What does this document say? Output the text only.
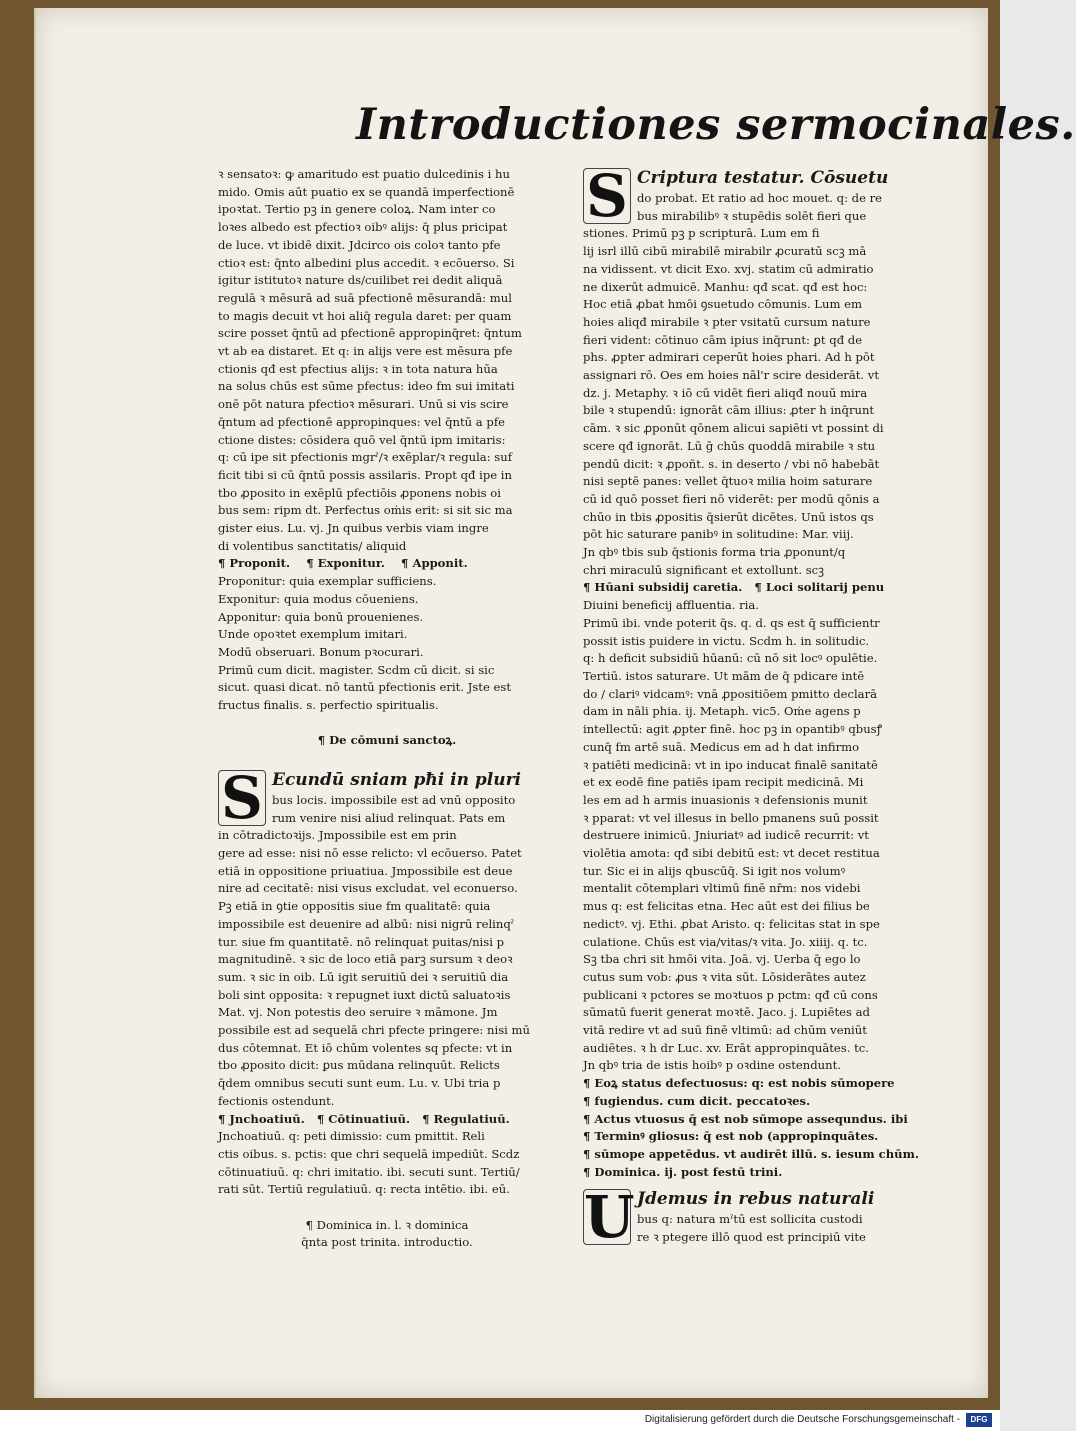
Introductiones sermocinales.
ꝛ sensatoꝛ: ꝙ amaritudo est puatio dulcedinis i hu
mido. Omis aūt puatio ex se quandā imperfectionē
ipoꝛtat. Tertio pꝫ in genere coloꝝ. Nam inter co
loꝛes albedo est pfectioꝛ oibꝰ alijs: q̄ plus pricipat
de luce. vt ibidē dixit. Jdcirco ois coloꝛ tanto pfe
ctioꝛ est: q̄nto albedini plus accedit. ꝛ ecōuerso. Si
igitur istitutoꝛ nature ds/cuilibet rei dedit aliquā
regulā ꝛ mēsurā ad suā pfectionē mēsurandā: mul
to magis decuit vt hoi aliq̄ regula daret: per quam
scire posset q̄ntū ad pfectionē appropinq̄ret: q̄ntum
vt ab ea distaret. Et q: in alijs vere est mēsura pfe
ctionis qđ est pfectius alijs: ꝛ in tota natura hūa
na solus chūs est sūme pfectus: ideo fm sui imitati
onē pōt natura pfectioꝛ mēsurari. Unū si vis scire
q̄ntum ad pfectionē appropinques: vel q̄ntū a pfe
ctione distes: cōsidera quō vel q̄ntū ipm imitaris:
q: cū ipe sit pfectionis mgrˀ/ꝛ exēplar/ꝛ regula: suf
ficit tibi si cū q̄ntū possis assilaris. Propt qđ ipe in
tbo ꝓposito in exēplū pfectiōis ꝓponens nobis oi
bus sem: ripm dt. Perfectus oṁis erit: si sit sic ma
gister eius. Lu. vj. Jn quibus verbis viam ingre
di volentibus sanctitatis/ aliquid
¶ Proponit.    ¶ Exponitur.    ¶ Apponit.
Proponitur: quia exemplar sufficiens.
Exponitur: quia modus cōueniens.
Apponitur: quia bonū prouenienes.
Unde opoꝛtet exemplum imitari.
Modū obseruari. Bonum pꝛocurari.
Primū cum dicit. magister. Scdm cū dicit. si sic
sicut. quasi dicat. nō tantū pfectionis erit. Jste est
fructus finalis. s. perfectio spiritualis.
¶ De cōmuni sanctoꝝ.
S Ecundū sniam pħi in pluri
bus locis. impossibile est ad vnū opposito
rum venire nisi aliud relinquat. Pats em
in cōtradictoꝛijs. Jmpossibile est em prin
gere ad esse: nisi nō esse relicto: vl ecōuerso. Patet
etiā in oppositione priuatiua. Jmpossibile est deue
nire ad cecitatē: nisi visus excludat. vel econuerso.
Pꝫ etiā in ꝯtie oppositis siue fm qualitatē: quia
impossibile est deuenire ad albū: nisi nigrū relinqˀ
tur. siue fm quantitatē. nō relinquat puitas/nisi p
magnitudinē. ꝛ sic de loco etiā parꝫ sursum ꝛ deoꝛ
sum. ꝛ sic in oib. Lū igit seruitiū dei ꝛ seruitiū dia
boli sint opposita: ꝛ repugnet iuxt dictū saluatoꝛis
Mat. vj. Non potestis deo seruire ꝛ māmone. Jm
possibile est ad sequelā chri pfecte pringere: nisi mū
dus cōtemnat. Et iō chūm volentes sq pfecte: vt in
tbo ꝓposito dicit: ꝑus mūdana relinquūt. Relicts
q̄dem omnibus secuti sunt eum. Lu. v. Ubi tria p
fectionis ostendunt.
¶ Jnchoatiuū.   ¶ Cōtinuatiuū.   ¶ Regulatiuū.
Jnchoatiuū. q: peti dimissio: cum pmittit. Reli
ctis oibus. s. pctis: que chri sequelā impediūt. Scdz
cōtinuatiuū. q: chri imitatio. ibi. secuti sunt. Tertiū/
rati sūt. Tertiū regulatiuū. q: recta intētio. ibi. eū.
¶ Dominica in. l. ꝛ dominica
q̄nta post trinita. introductio.
S Criptura testatur. Cōsuetu
do probat. Et ratio ad hoc mouet. q: de re
bus mirabilibꝰ ꝛ stupēdis solēt fieri que
stiones. Primū pꝫ p scripturā. Lum em fi
lij isrl illū cibū mirabilē mirabilr ꝓcuratū scꝫ mā
na vidissent. vt dicit Exo. xvj. statim cū admiratio
ne dixerūt admuicē. Manhu: qđ scat. qđ est hoc:
Hoc etiā ꝓbat hmōi ꝯsuetudo cōmunis. Lum em
hoies aliqđ mirabile ꝛ pter vsitatū cursum nature
fieri vident: cōtinuo cām ipius inq̄runt: ꝑt qđ de
phs. ꝓpter admirari ceperūt hoies phari. Ad h pōt
assignari rō. Oes em hoies nāl'r scire desiderāt. vt
dz. j. Metaphy. ꝛ iō cū vidēt fieri aliqđ nouū mira
bile ꝛ stupendū: ignorāt cām illius: ꝓter h inq̄runt
cām. ꝛ sic ꝓponūt qōnem alicui sapiēti vt possint di
scere qđ ignorāt. Lū ḡ chūs quoddā mirabile ꝛ stu
pendū dicit: ꝛ ꝓpoñt. s. in deserto / vbi nō habebāt
nisi septē panes: vellet q̄tuoꝛ milia hoim saturare
cū id quō posset fieri nō viderēt: per modū qōnis a
chūo in tbis ꝓpositis q̄sierūt dicētes. Unū istos qs
pōt hic saturare panibꝰ in solitudine: Mar. viij.
Jn qbꝰ tbis sub q̄stionis forma tria ꝓponunt/q
chri miraculū significant et extollunt. scꝫ
¶ Hūani subsidij caretia.   ¶ Loci solitarij penu
Diuini beneficij affluentia. ria.
Primū ibi. vnde poterit q̄s. q. d. qs est q̄ sufficientr
possit istis puidere in victu. Scdm h. in solitudic.
q: h deficit subsidiū hūanū: cū nō sit locꝰ opulētie.
Tertiū. istos saturare. Ut mām de q̄ pdicare intē
do / clariꝰ vidcamꝰ: vnā ꝓpositiōem pmitto declarā
dam in nāli phia. ij. Metaph. vic5. Oṁe agens p
intellectū: agit ꝓpter finē. hoc pꝫ in opantibꝰ qbusꝭ
cunq̄ fm artē suā. Medicus em ad h dat infirmo
ꝛ patiēti medicinā: vt in ipo inducat finalē sanitatē
et ex eodē fine patiēs ipam recipit medicinā. Mi
les em ad h armis inuasionis ꝛ defensionis munit
ꝛ pparat: vt vel illesus in bello pmanens suū possit
destruere inimicū. Jniuriatꝰ ad iudicē recurrit: vt
violētia amota: qđ sibi debitū est: vt decet restitua
tur. Sic ei in alijs qbuscūq̄. Si igit nos volumꝰ
mentalit cōtemplari vltimū finē nr̄m: nos videbi
mus q: est felicitas etna. Hec aūt est dei filius be
nedictꝰ. vj. Ethi. ꝓbat Aristo. q: felicitas stat in spe
culatione. Chūs est via/vitas/ꝛ vita. Jo. xiiij. q. tc.
Sꝫ tba chri sit hmōi vita. Joā. vj. Uerba q̄ ego lo
cutus sum vob: ꝓus ꝛ vita sūt. Lōsiderātes autez
publicani ꝛ pctores se moꝛtuos p pctm: qđ cū cons
sūmatū fuerit generat moꝛtē. Jaco. j. Lupiētes ad
vitā redire vt ad suū finē vltimū: ad chūm veniūt
audiētes. ꝛ h dr Luc. xv. Erāt appropinquātes. tc.
Jn qbꝰ tria de istis hoibꝰ p oꝛdine ostendunt.
¶ Eoꝝ status defectuosus: q: est nobis sūmopere
¶ fugiendus. cum dicit. peccatoꝛes.
¶ Actus vtuosus q̄ est nob sūmope assequndus. ibi
¶ Terminꝰ gliosus: q̄ est nob (appropinquātes.
¶ sūmope appetēdus. vt audirēt illū. s. iesum chūm.
¶ Dominica. ij. post festū trini.
U Jdemus in rebus naturali
bus q: natura mˀtū est sollicita custodi
re ꝛ ptegere illō quod est principiū vite
Digitalisierung gefördert durch die Deutsche Forschungsgemeinschaft -	DFG
